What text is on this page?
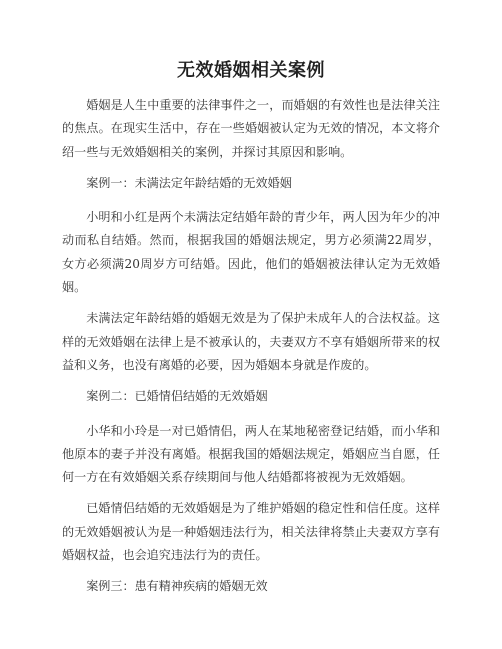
无效婚姻相关案例

婚姻是人生中重要的法律事件之一，而婚姻的有效性也是法律关注的焦点。在现实生活中，存在一些婚姻被认定为无效的情况，本文将介绍一些与无效婚姻相关的案例，并探讨其原因和影响。

案例一：未满法定年龄结婚的无效婚姻

小明和小红是两个未满法定结婚年龄的青少年，两人因为年少的冲动而私自结婚。然而，根据我国的婚姻法规定，男方必须满22周岁，女方必须满20周岁方可结婚。因此，他们的婚姻被法律认定为无效婚姻。

未满法定年龄结婚的婚姻无效是为了保护未成年人的合法权益。这样的无效婚姻在法律上是不被承认的，夫妻双方不享有婚姻所带来的权益和义务，也没有离婚的必要，因为婚姻本身就是作废的。

案例二：已婚情侣结婚的无效婚姻

小华和小玲是一对已婚情侣，两人在某地秘密登记结婚，而小华和他原本的妻子并没有离婚。根据我国的婚姻法规定，婚姻应当自愿，任何一方在有效婚姻关系存续期间与他人结婚都将被视为无效婚姻。

已婚情侣结婚的无效婚姻是为了维护婚姻的稳定性和信任度。这样的无效婚姻被认为是一种婚姻违法行为，相关法律将禁止夫妻双方享有婚姻权益，也会追究违法行为的责任。

案例三：患有精神疾病的婚姻无效
